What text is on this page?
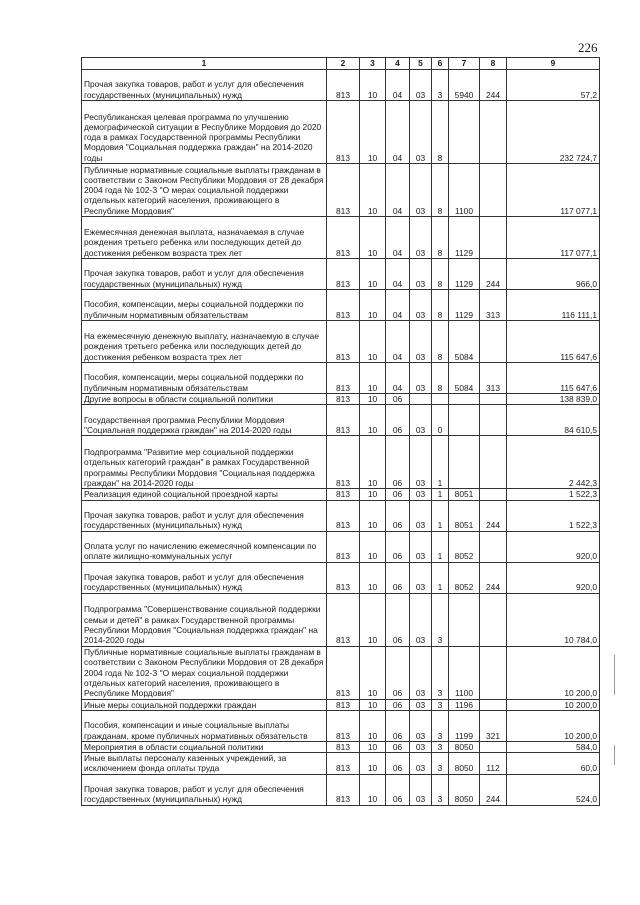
226
1	2	3	4	5	6	7	8	9
Прочая закупка товаров, работ и услуг для обеспечения государственных (муниципальных) нужд	813	10	04	03	3	5940	244	57,2
Республиканская целевая программа по улучшению демографической ситуации в Республике Мордовия до 2020 года в рамках Государственной программы Республики Мордовия "Социальная поддержка граждан" на 2014-2020 годы	813	10	04	03	8			232 724,7
Публичные нормативные социальные выплаты гражданам в соответствии с Законом Республики Мордовия от 28 декабря 2004 года № 102-З "О мерах социальной поддержки отдельных категорий населения, проживающего в Республике Мордовия"	813	10	04	03	8	1100		117 077,1
Ежемесячная денежная выплата, назначаемая в случае рождения третьего ребенка или последующих детей до достижения ребенком возраста трех лет	813	10	04	03	8	1129		117 077,1
Прочая закупка товаров, работ и услуг для обеспечения государственных (муниципальных) нужд	813	10	04	03	8	1129	244	966,0
Пособия, компенсации, меры социальной поддержки по публичным нормативным обязательствам	813	10	04	03	8	1129	313	116 111,1
На ежемесячную денежную выплату, назначаемую в случае рождения третьего ребенка или последующих детей до достижения ребенком возраста трех лет	813	10	04	03	8	5084		115 647,6
Пособия, компенсации, меры социальной поддержки по публичным нормативным обязательствам	813	10	04	03	8	5084	313	115 647,6
Другие вопросы в области социальной политики	813	10	06					138 839,0
Государственная программа Республики Мордовия "Социальная поддержка граждан" на 2014-2020 годы	813	10	06	03	0			84 610,5
Подпрограмма "Развитие мер социальной поддержки отдельных категорий граждан" в рамках Государственной программы Республики Мордовия "Социальная поддержка граждан" на 2014-2020 годы	813	10	06	03	1			2 442,3
Реализация единой социальной проездной карты	813	10	06	03	1	8051		1 522,3
Прочая закупка товаров, работ и услуг для обеспечения государственных (муниципальных) нужд	813	10	06	03	1	8051	244	1 522,3
Оплата услуг по начислению ежемесячной компенсации по оплате жилищно-коммунальных услуг	813	10	06	03	1	8052		920,0
Прочая закупка товаров, работ и услуг для обеспечения государственных (муниципальных) нужд	813	10	06	03	1	8052	244	920,0
Подпрограмма "Совершенствование социальной поддержки семьи и детей" в рамках Государственной программы Республики Мордовия "Социальная поддержка граждан" на 2014-2020 годы	813	10	06	03	3			10 784,0
Публичные нормативные социальные выплаты гражданам в соответствии с Законом Республики Мордовия от 28 декабря 2004 года № 102-З "О мерах социальной поддержки отдельных категорий населения, проживающего в Республике Мордовия"	813	10	06	03	3	1100		10 200,0
Иные меры социальной поддержки граждан	813	10	06	03	3	1196		10 200,0
Пособия, компенсации и иные социальные выплаты гражданам, кроме публичных нормативных обязательств	813	10	06	03	3	1199	321	10 200,0
Мероприятия в области социальной политики	813	10	06	03	3	8050		584,0
Иные выплаты персоналу казенных учреждений, за исключением фонда оплаты труда	813	10	06	03	3	8050	112	60,0
Прочая закупка товаров, работ и услуг для обеспечения государственных (муниципальных) нужд	813	10	06	03	3	8050	244	524,0
